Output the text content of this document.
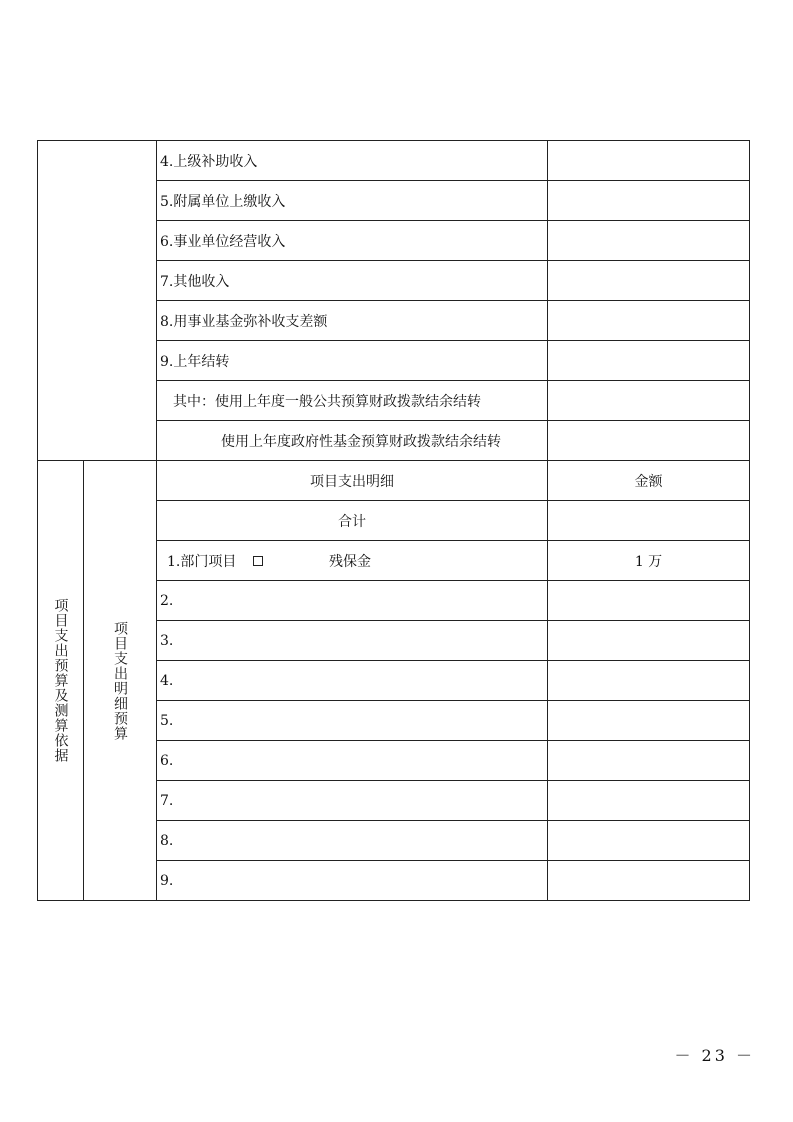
		4.上级补助收入	
		5.附属单位上缴收入	
		6.事业单位经营收入	
		7.其他收入	
		8.用事业基金弥补收支差额	
		9.上年结转	
		其中：使用上年度一般公共预算财政拨款结余结转	
		使用上年度政府性基金预算财政拨款结余结转	

项目支出预算及测算依据	项目支出明细预算	项目支出明细	金额
		合计	

		1.部门项目 残保金	1 万
		2.	
		3.	
		4.	
		5.	
		6.	
		7.	
		8.	
		9.	
－ 23 －
